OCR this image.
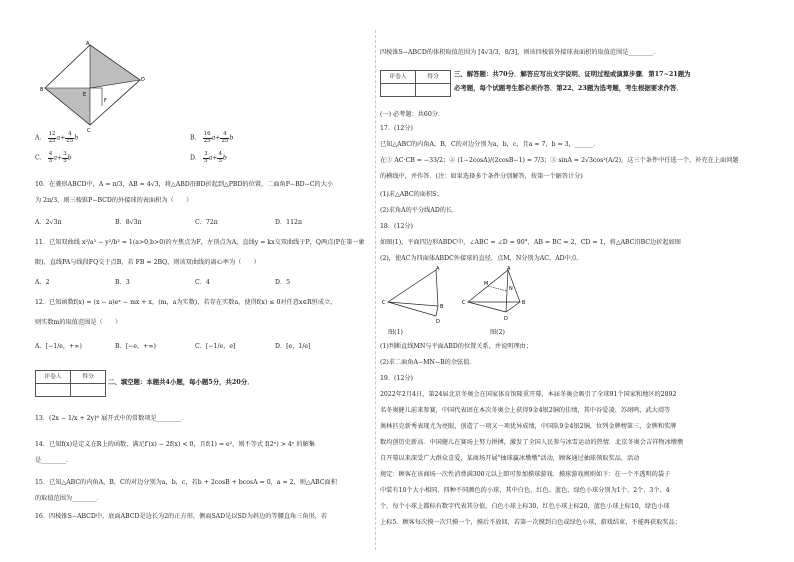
A
D
B
C
E
F
A． $\frac{12}{25} a+ \frac{4}{25}$ b	B． $\frac{16}{25} a+ \frac{4}{25}$ b
C． $\frac{4}{5} a+ \frac{3}{5}$ b	D． $\frac{3}{5} a+ \frac{4}{5}$ b
10．在菱形ABCD中，A = π/3，AB = 4√3，将△ABD沿BD折起到△PBD的位置，二面角P−BD−C的大小
为 2π/3，则三棱锥P−BCD的外接球的表面积为（　　）
A．2√3π	B．8√3π	C．72π	D．112π
11．已知双曲线 x²/a² − y²/b² = 1(a>0,b>0)的左焦点为F，左顶点为A，直线y = kx交双曲线于P，Q两点(P在第一象
限)，直线PA与线段FQ交于点B，若 FB = 2BQ，则该双曲线的离心率为（　　）
A．2	B．3	C．4	D．5
12．已知函数f(x) = (x − a)eˣ − mx + x，(m，a为实数)，若存在实数a，使得f(x) ≤ 0对任意x∈R恒成立，
则实数m的取值范围是（　　）
A．[−1/e，+∞)	B．[−e，+∞)	C．[−1/e，e]	D．[e，1/e]
评卷人	得分

二、填空题：本题共4小题，每小题5分，共20分．
13．(2x − 1/x + 2y)⁶ 展开式中的常数项是________．
14．已知f(x)是定义在R上的函数，满足f′(x) − 2f(x) < 0，且f(1) = e²，则不等式 f(2ˣ) > 4ˣ 的解集
是________．
15．已知△ABC的内角A，B，C的对边分别为a，b，c，若b + 2cosB + bcosA = 0，a = 2，则△ABC面积
的取值范围为________．
16．四棱锥S−ABCD中，底面ABCD是边长为2的正方形，侧面SAD是以SD为斜边的等腰直角三角形，若
四棱锥S−ABCD的体积取值范围为 [4√3/3，8/3]，则该四棱锥外接球表面积的取值范围是________．
评卷人	得分
	三、解答题：共70分．解答应写出文字说明、证明过程或演算步骤．第17~21题为
必考题，每个试题考生都必须作答．第22、23题为选考题，考生根据要求作答．
(一) 必考题：共60分．
17．(12分)
已知△ABC的内角A，B，C的对边分别为a，b，c，且a = 7，b = 3，______．
在① AC·CB = −33/2；② (1−2cosA)/(2cosB−1) = 7/3；③ sinA = 2√3cos²(A/2)，这三个条件中任选一个，补充在上面问题
的横线中，并作答．(注：如果选择多个条件分别解答，按第一个解答计分)
(1)求△ABC的面积S；
(2)求角A的平分线AD的长．
18．(12分)
如图(1)，平面四边形ABDC中，∠ABC = ∠D = 90°，AB = BC = 2，CD = 1，将△ABC沿BC边折起如图
(2)，使AC为四面体ABDC外接球的直径，点M，N分别为AC，AD中点．
C
A
B
D
C
A
B
D
M
N
图(1)	图(2)
(1)判断直线MN与平面ABD的位置关系，并说明理由；
(2)求二面角A−MN−B的余弦值．
19．(12分)
2022年2月4日，第24届北京冬奥会在国家体育馆隆重开幕，本届冬奥会吸引了全球91个国家和地区的2892
名冬奥健儿前来参赛，中国代表团在本次冬奥会上获得9金4银2铜的佳绩，其中谷爱凌、苏翊鸣、武大靖等
奥林匹克新秀表现尤为亮眼，创造了一项又一项优异成绩，中国队9金4银2铜，位列金牌榜第三，金牌和奖牌
数均创历史新高．中国健儿在赛场上努力拼搏，激发了全国人民参与冰雪运动的热情．北京冬奥会吉祥物冰墩墩
自开幕以来深受广大群众喜爱，某商场开展"抽球赢冰墩墩"活动，顾客通过抽球领取奖品，活动
规定：顾客在该商场一次性消费满300元以上即可参加摸球游戏．摸球游戏规则如下：在一个不透明的袋子
中装有10个大小相同、四种不同颜色的小球，其中白色、红色、蓝色、绿色小球分别为1个、2个、3个、4
个，每个小球上都标有数字代表其分值，白色小球上标30，红色小球上标20，蓝色小球上标10，绿色小球
上标5．顾客每次摸一次只摸一个，摸后不放回，若第一次摸到白色或绿色小球，游戏结束，不能再获取奖品；
